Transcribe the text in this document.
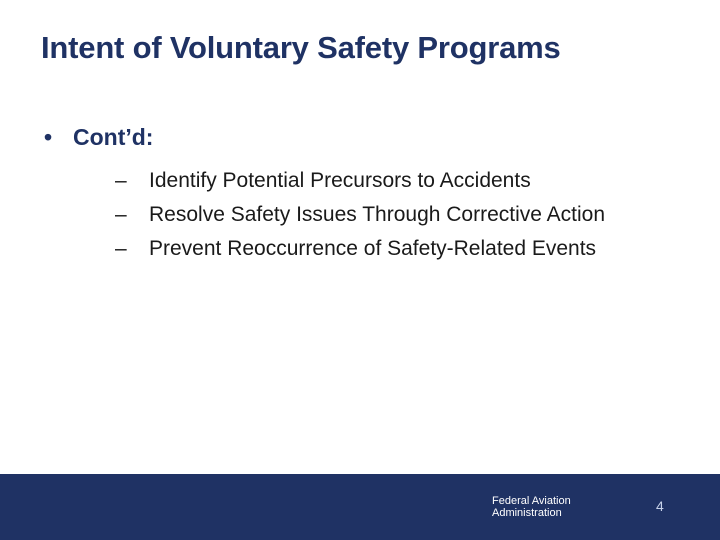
Intent of Voluntary Safety Programs
• Cont’d:
–	Identify Potential Precursors to Accidents
–	Resolve Safety Issues Through Corrective Action
–	Prevent Reoccurrence of Safety-Related Events
Federal Aviation
Administration	4
